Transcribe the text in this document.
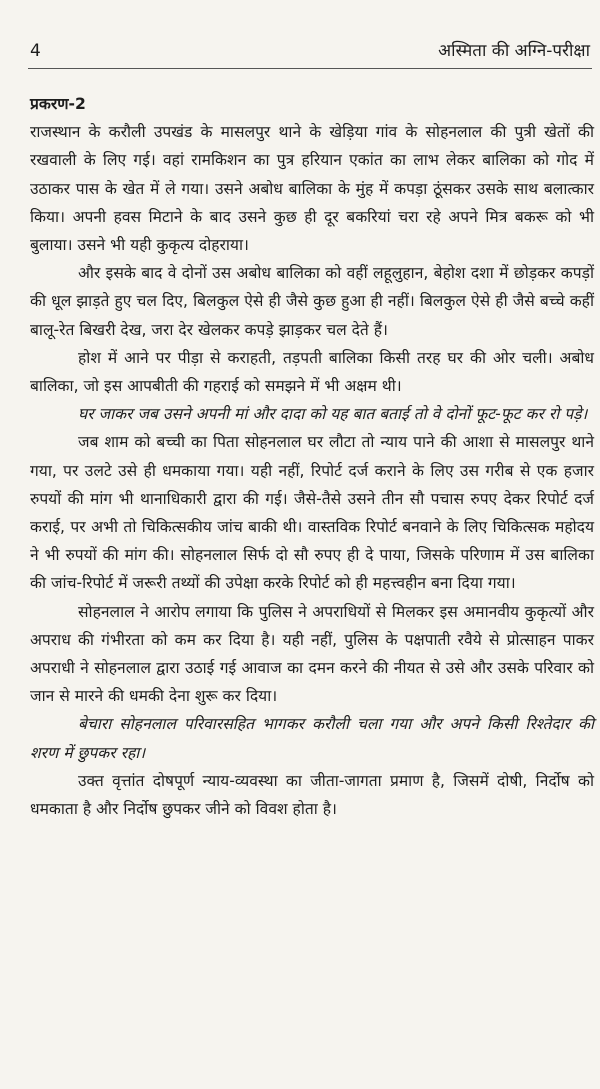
4	अस्मिता की अग्नि-परीक्षा

प्रकरण-2

राजस्थान के करौली उपखंड के मासलपुर थाने के खेड़िया गांव के सोहनलाल की पुत्री खेतों की रखवाली के लिए गई। वहां रामकिशन का पुत्र हरियान एकांत का लाभ लेकर बालिका को गोद में उठाकर पास के खेत में ले गया। उसने अबोध बालिका के मुंह में कपड़ा ठूंसकर उसके साथ बलात्कार किया। अपनी हवस मिटाने के बाद उसने कुछ ही दूर बकरियां चरा रहे अपने मित्र बकरू को भी बुलाया। उसने भी यही कुकृत्य दोहराया।

और इसके बाद वे दोनों उस अबोध बालिका को वहीं लहूलुहान, बेहोश दशा में छोड़कर कपड़ों की धूल झाड़ते हुए चल दिए, बिलकुल ऐसे ही जैसे कुछ हुआ ही नहीं। बिलकुल ऐसे ही जैसे बच्चे कहीं बालू-रेत बिखरी देख, जरा देर खेलकर कपड़े झाड़कर चल देते हैं।

होश में आने पर पीड़ा से कराहती, तड़पती बालिका किसी तरह घर की ओर चली। अबोध बालिका, जो इस आपबीती की गहराई को समझने में भी अक्षम थी।

घर जाकर जब उसने अपनी मां और दादा को यह बात बताई तो वे दोनों फूट-फूट कर रो पड़े।

जब शाम को बच्ची का पिता सोहनलाल घर लौटा तो न्याय पाने की आशा से मासलपुर थाने गया, पर उलटे उसे ही धमकाया गया। यही नहीं, रिपोर्ट दर्ज कराने के लिए उस गरीब से एक हजार रुपयों की मांग भी थानाधिकारी द्वारा की गई। जैसे-तैसे उसने तीन सौ पचास रुपए देकर रिपोर्ट दर्ज कराई, पर अभी तो चिकित्सकीय जांच बाकी थी। वास्तविक रिपोर्ट बनवाने के लिए चिकित्सक महोदय ने भी रुपयों की मांग की। सोहनलाल सिर्फ दो सौ रुपए ही दे पाया, जिसके परिणाम में उस बालिका की जांच-रिपोर्ट में जरूरी तथ्यों की उपेक्षा करके रिपोर्ट को ही महत्त्वहीन बना दिया गया।

सोहनलाल ने आरोप लगाया कि पुलिस ने अपराधियों से मिलकर इस अमानवीय कुकृत्यों और अपराध की गंभीरता को कम कर दिया है। यही नहीं, पुलिस के पक्षपाती रवैये से प्रोत्साहन पाकर अपराधी ने सोहनलाल द्वारा उठाई गई आवाज का दमन करने की नीयत से उसे और उसके परिवार को जान से मारने की धमकी देना शुरू कर दिया।

बेचारा सोहनलाल परिवारसहित भागकर करौली चला गया और अपने किसी रिश्तेदार की शरण में छुपकर रहा।

उक्त वृत्तांत दोषपूर्ण न्याय-व्यवस्था का जीता-जागता प्रमाण है, जिसमें दोषी, निर्दोष को धमकाता है और निर्दोष छुपकर जीने को विवश होता है।
